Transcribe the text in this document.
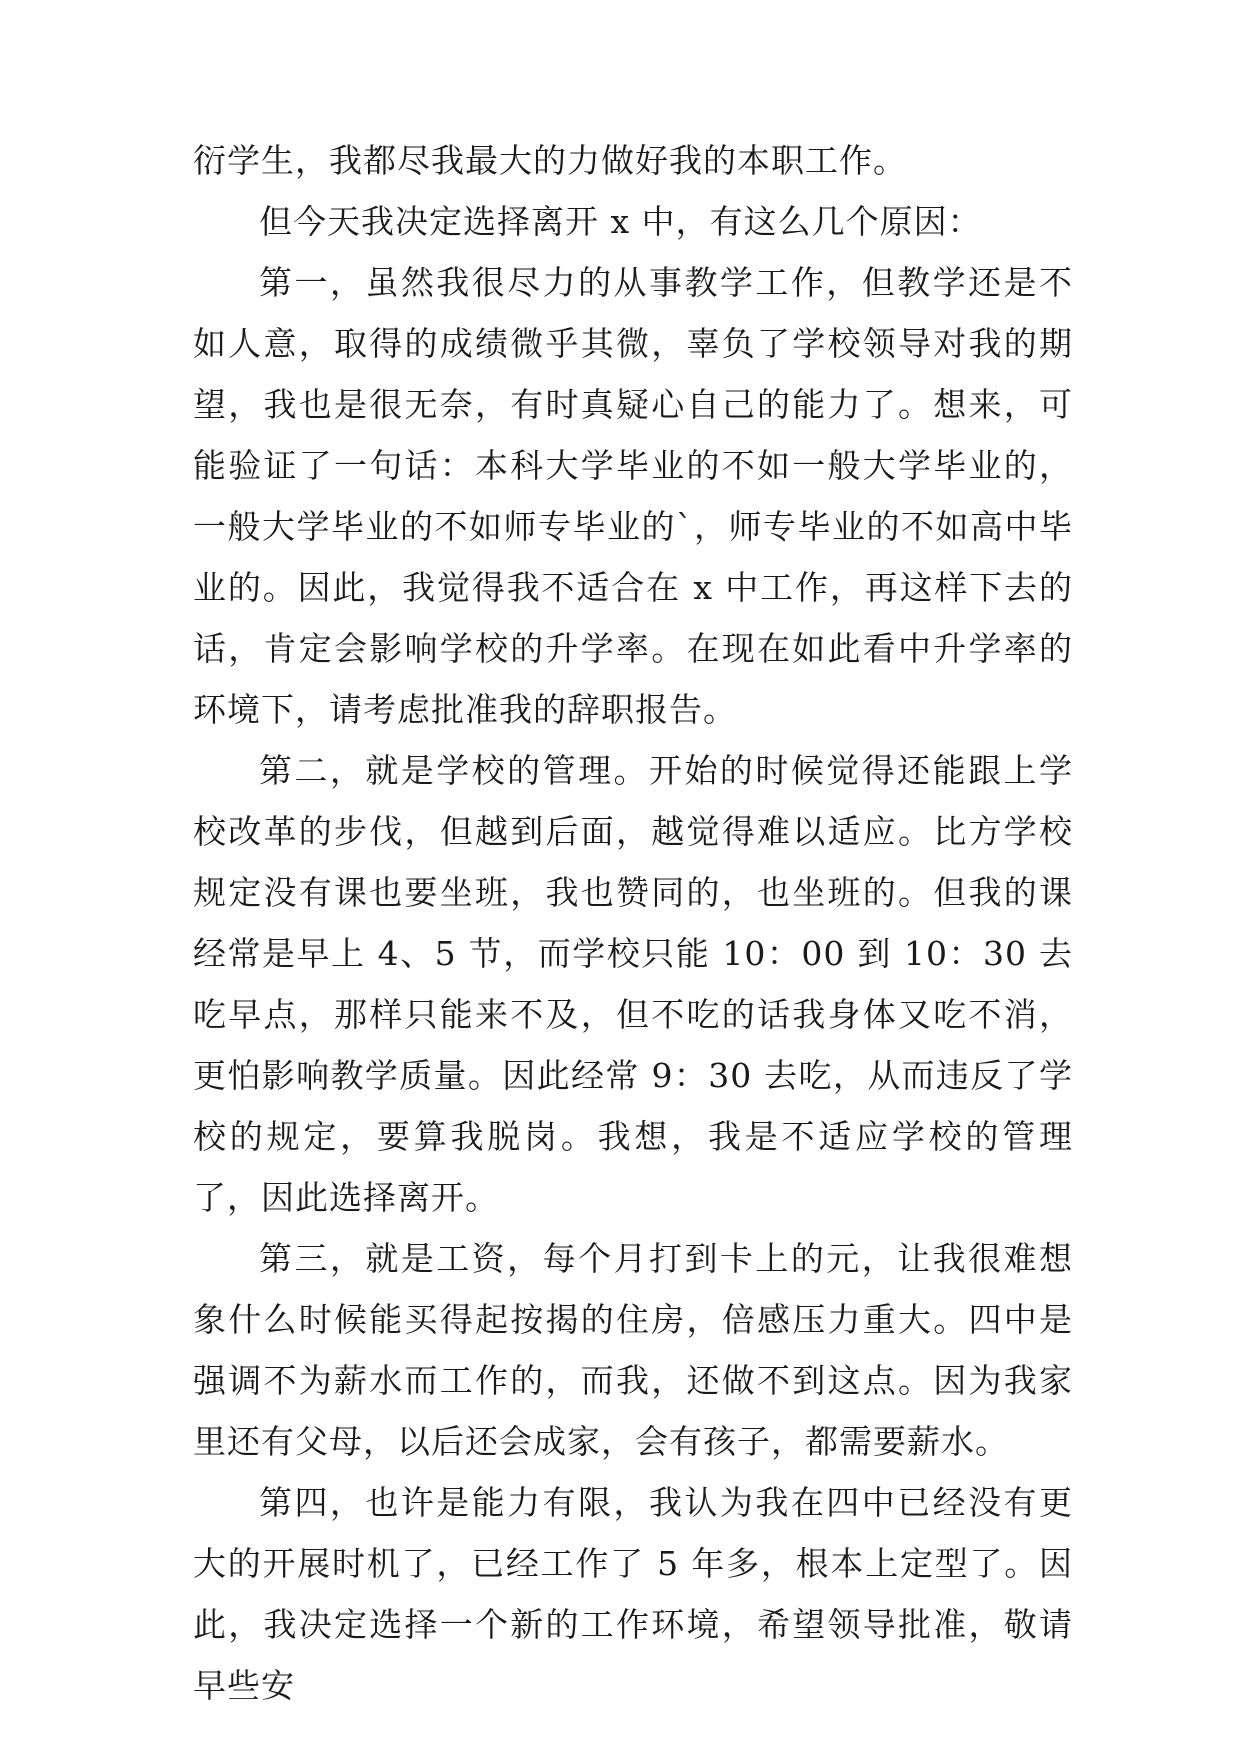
衍学生，我都尽我最大的力做好我的本职工作。

但今天我决定选择离开 x 中，有这么几个原因：

第一，虽然我很尽力的从事教学工作，但教学还是不如人意，取得的成绩微乎其微，辜负了学校领导对我的期望，我也是很无奈，有时真疑心自己的能力了。想来，可能验证了一句话：本科大学毕业的不如一般大学毕业的，一般大学毕业的不如师专毕业的`，师专毕业的不如高中毕业的。因此，我觉得我不适合在 x 中工作，再这样下去的话，肯定会影响学校的升学率。在现在如此看中升学率的环境下，请考虑批准我的辞职报告。

第二，就是学校的管理。开始的时候觉得还能跟上学校改革的步伐，但越到后面，越觉得难以适应。比方学校规定没有课也要坐班，我也赞同的，也坐班的。但我的课经常是早上 4、5 节，而学校只能 10：00 到 10：30 去吃早点，那样只能来不及，但不吃的话我身体又吃不消，更怕影响教学质量。因此经常 9：30 去吃，从而违反了学校的规定，要算我脱岗。我想，我是不适应学校的管理了，因此选择离开。

第三，就是工资，每个月打到卡上的元，让我很难想象什么时候能买得起按揭的住房，倍感压力重大。四中是强调不为薪水而工作的，而我，还做不到这点。因为我家里还有父母，以后还会成家，会有孩子，都需要薪水。

第四，也许是能力有限，我认为我在四中已经没有更大的开展时机了，已经工作了 5 年多，根本上定型了。因此，我决定选择一个新的工作环境，希望领导批准，敬请早些安
